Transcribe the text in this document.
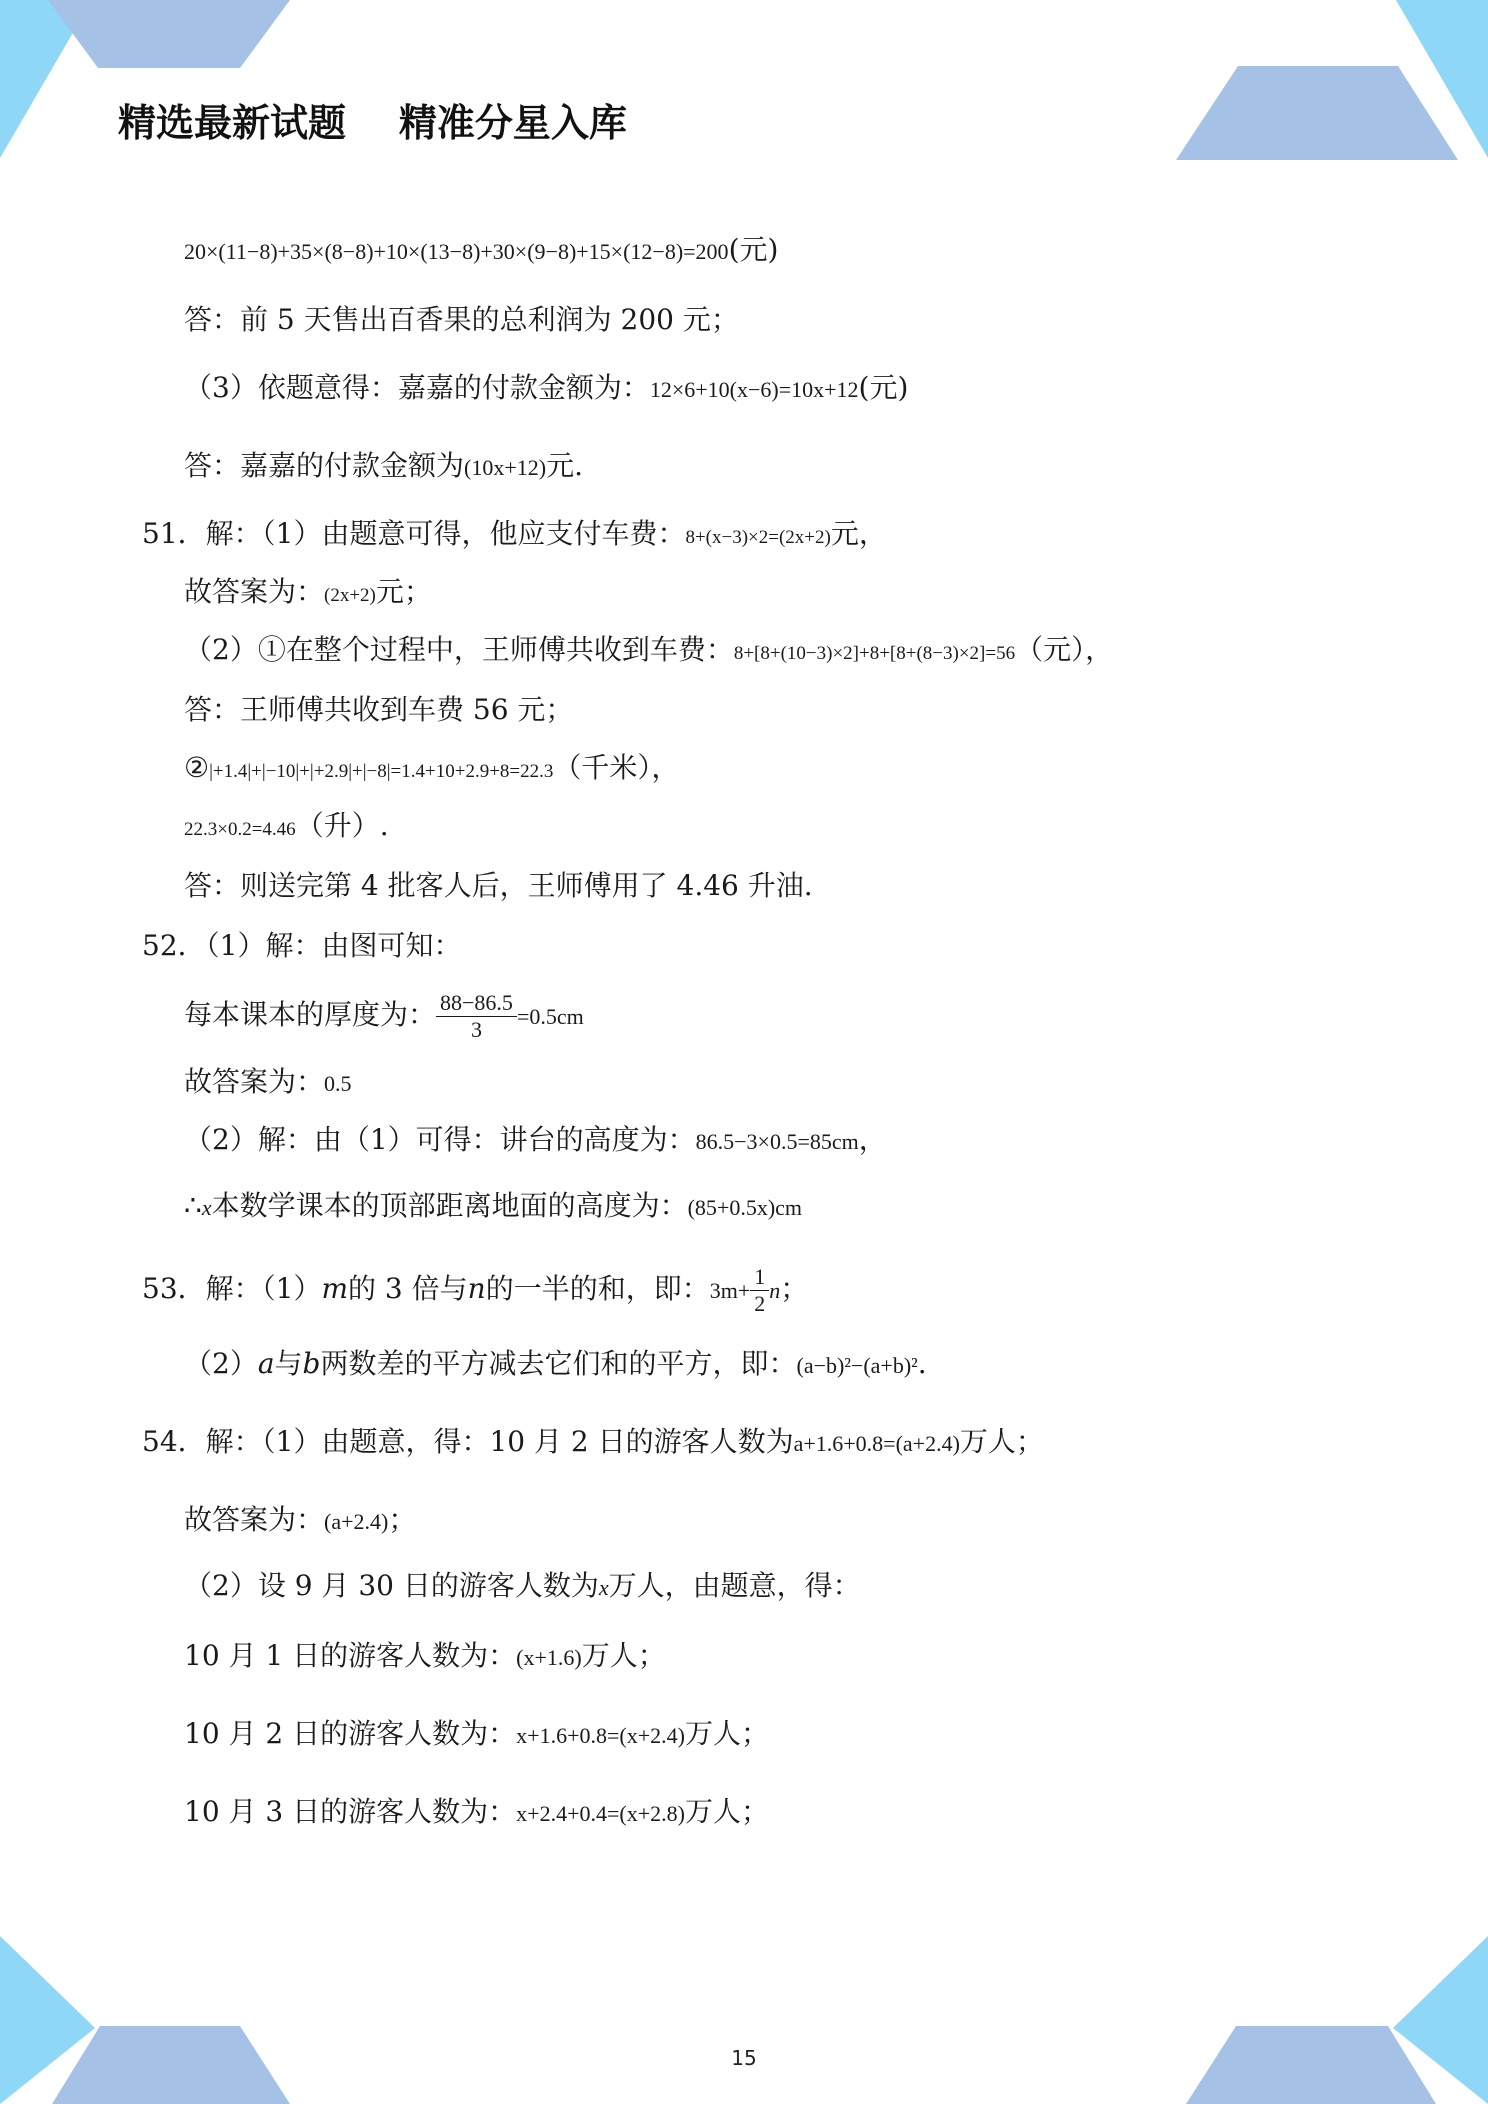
精选最新试题    精准分星入库

20×(11−8)+35×(8−8)+10×(13−8)+30×(9−8)+15×(12−8)=200(元)

答：前 5 天售出百香果的总利润为 200 元；

（3）依题意得：嘉嘉的付款金额为：12×6+10(x−6)=10x+12(元)

答：嘉嘉的付款金额为(10x+12)元.

51．解：（1）由题意可得，他应支付车费：8+(x−3)×2=(2x+2)元，

故答案为：(2x+2)元；

（2）①在整个过程中，王师傅共收到车费：8+[8+(10−3)×2]+8+[8+(8−3)×2]=56（元），

答：王师傅共收到车费 56 元；

②|+1.4|+|−10|+|+2.9|+|−8|=1.4+10+2.9+8=22.3（千米），

22.3×0.2=4.46（升）.

答：则送完第 4 批客人后，王师傅用了 4.46 升油.

52．（1）解：由图可知：

每本课本的厚度为： $\frac{88-86.5}{3} =0.5cm$

故答案为：0.5

（2）解：由（1）可得：讲台的高度为：86.5−3×0.5=85cm，

∴x本数学课本的顶部距离地面的高度为：(85+0.5x)cm

53．解：（1）m的 3 倍与n的一半的和，即：$3m+ \frac{1}{2}$ n；

（2）a与b两数差的平方减去它们和的平方，即：(a−b)²−(a+b)².

54．解：（1）由题意，得：10 月 2 日的游客人数为a+1.6+0.8=(a+2.4)万人；

故答案为：(a+2.4)；

（2）设 9 月 30 日的游客人数为x万人，由题意，得：

10 月 1 日的游客人数为：(x+1.6)万人；

10 月 2 日的游客人数为：x+1.6+0.8=(x+2.4)万人；

10 月 3 日的游客人数为：x+2.4+0.4=(x+2.8)万人；

15
